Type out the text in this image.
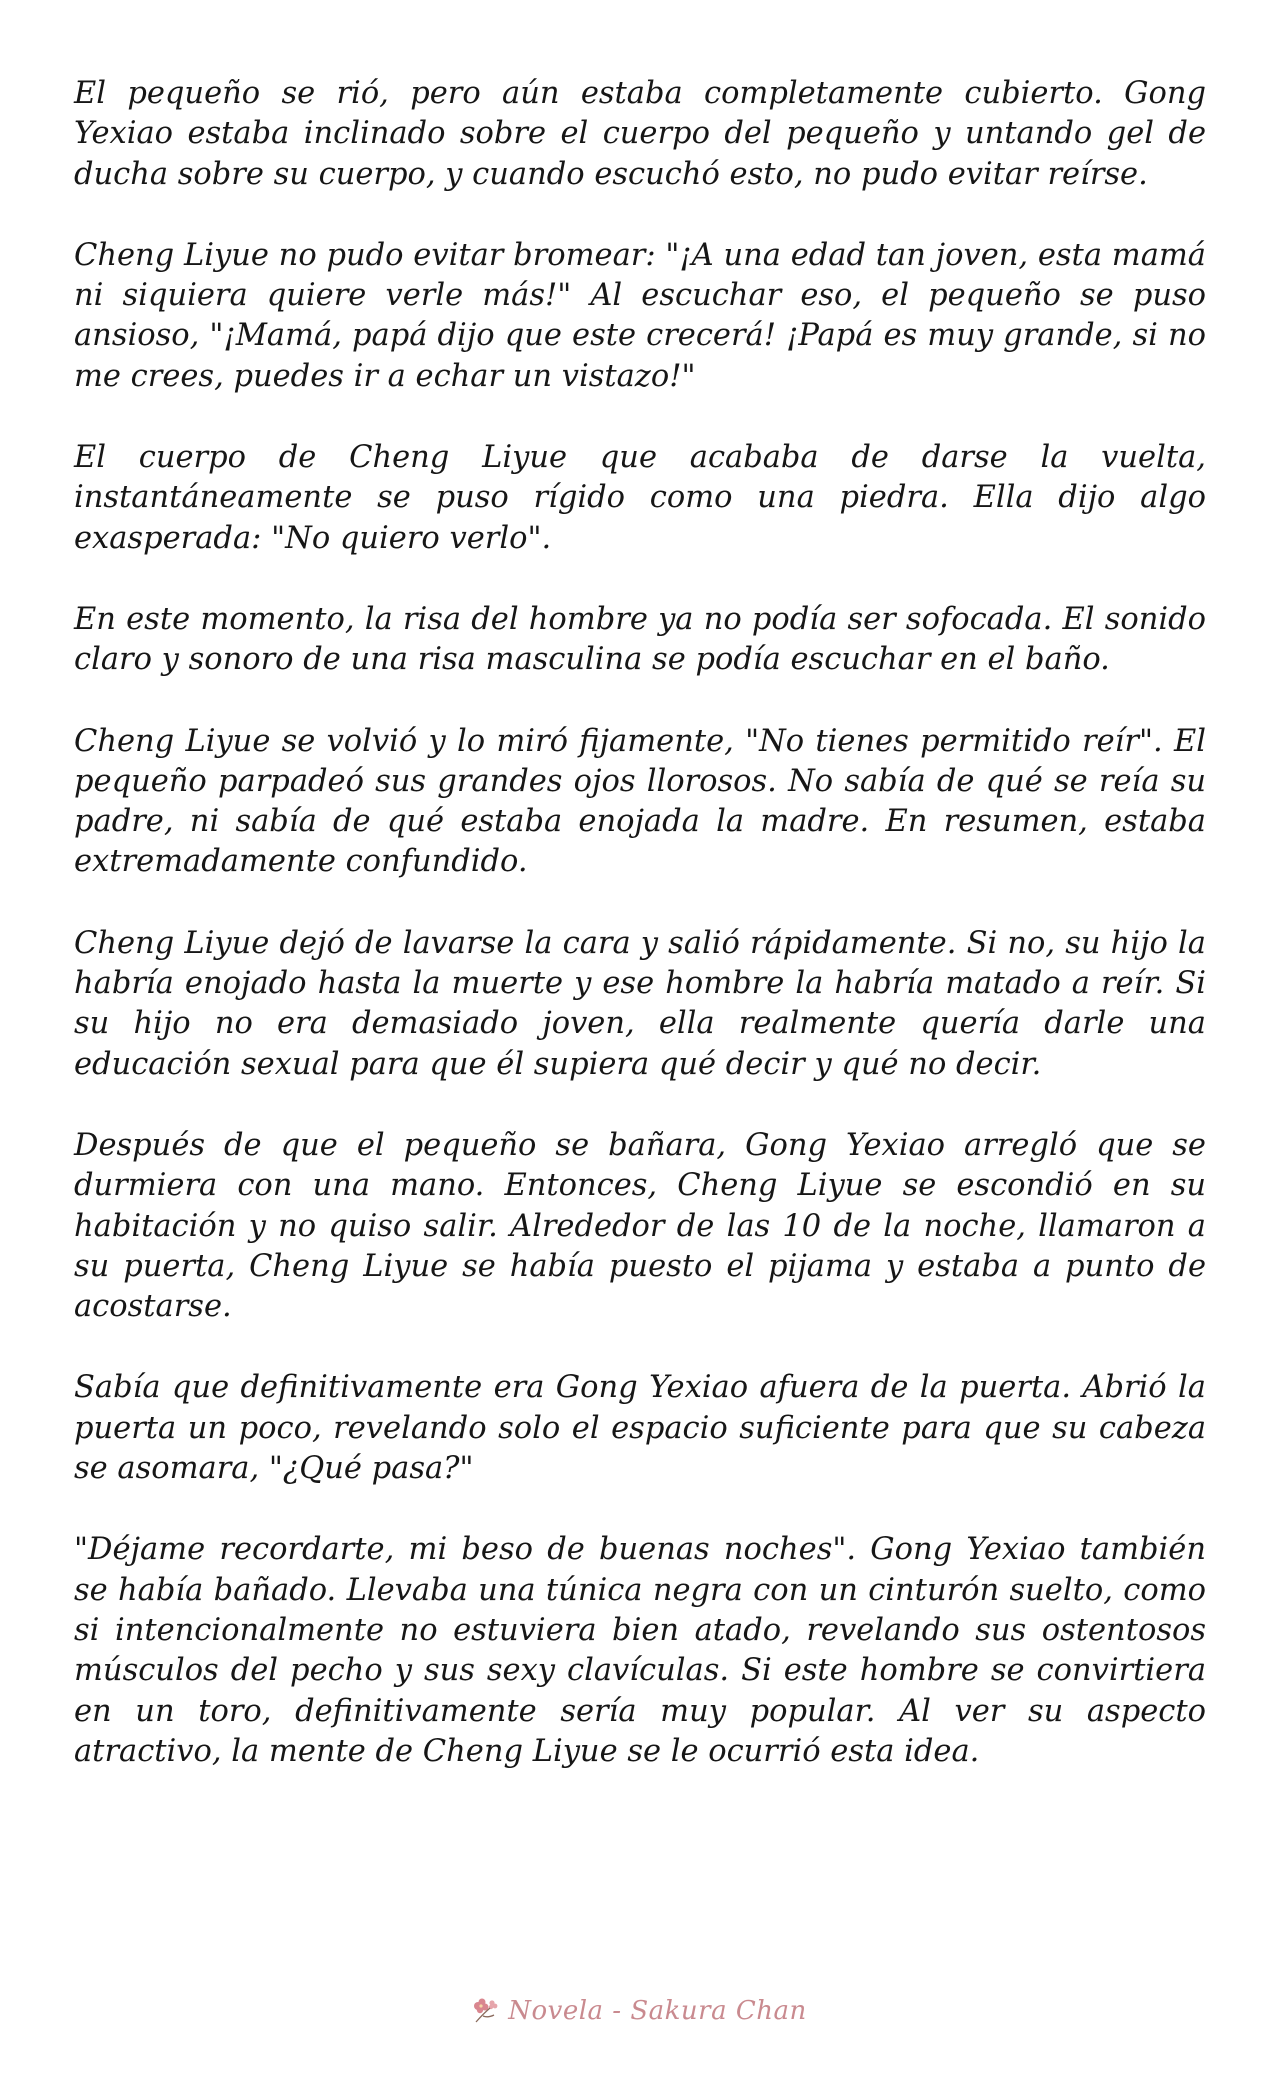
El pequeño se rió, pero aún estaba completamente cubierto. Gong Yexiao estaba inclinado sobre el cuerpo del pequeño y untando gel de ducha sobre su cuerpo, y cuando escuchó esto, no pudo evitar reírse.

Cheng Liyue no pudo evitar bromear: "¡A una edad tan joven, esta mamá ni siquiera quiere verle más!" Al escuchar eso, el pequeño se puso ansioso, "¡Mamá, papá dijo que este crecerá! ¡Papá es muy grande, si no me crees, puedes ir a echar un vistazo!"

El cuerpo de Cheng Liyue que acababa de darse la vuelta, instantáneamente se puso rígido como una piedra. Ella dijo algo exasperada: "No quiero verlo".

En este momento, la risa del hombre ya no podía ser sofocada. El sonido claro y sonoro de una risa masculina se podía escuchar en el baño.

Cheng Liyue se volvió y lo miró fijamente, "No tienes permitido reír". El pequeño parpadeó sus grandes ojos llorosos. No sabía de qué se reía su padre, ni sabía de qué estaba enojada la madre. En resumen, estaba extremadamente confundido.

Cheng Liyue dejó de lavarse la cara y salió rápidamente. Si no, su hijo la habría enojado hasta la muerte y ese hombre la habría matado a reír. Si su hijo no era demasiado joven, ella realmente quería darle una educación sexual para que él supiera qué decir y qué no decir.

Después de que el pequeño se bañara, Gong Yexiao arregló que se durmiera con una mano. Entonces, Cheng Liyue se escondió en su habitación y no quiso salir. Alrededor de las 10 de la noche, llamaron a su puerta, Cheng Liyue se había puesto el pijama y estaba a punto de acostarse.

Sabía que definitivamente era Gong Yexiao afuera de la puerta. Abrió la puerta un poco, revelando solo el espacio suficiente para que su cabeza se asomara, "¿Qué pasa?"

"Déjame recordarte, mi beso de buenas noches". Gong Yexiao también se había bañado. Llevaba una túnica negra con un cinturón suelto, como si intencionalmente no estuviera bien atado, revelando sus ostentosos músculos del pecho y sus sexy clavículas. Si este hombre se convirtiera en un toro, definitivamente sería muy popular. Al ver su aspecto atractivo, la mente de Cheng Liyue se le ocurrió esta idea.

Novela - Sakura Chan
